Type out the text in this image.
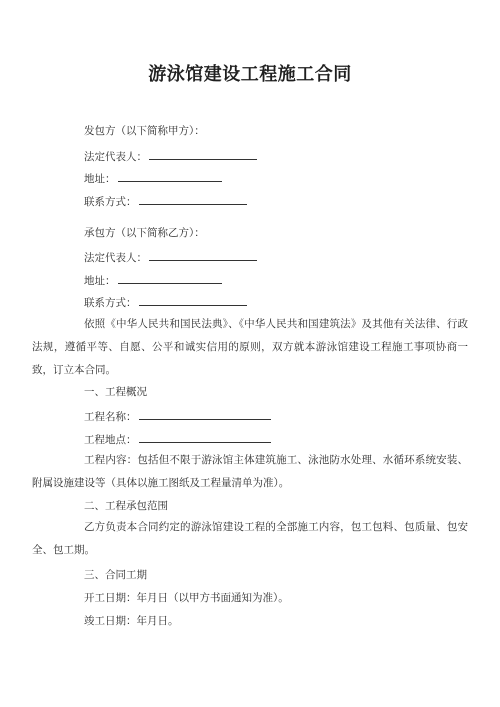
游泳馆建设工程施工合同
发包方（以下简称甲方）：
法定代表人：
地址：
联系方式：
承包方（以下简称乙方）：
法定代表人：
地址：
联系方式：
依照《中华人民共和国民法典》、《中华人民共和国建筑法》及其他有关法律、行政法规，遵循平等、自愿、公平和诚实信用的原则，双方就本游泳馆建设工程施工事项协商一致，订立本合同。
一、工程概况
工程名称：
工程地点：
工程内容：包括但不限于游泳馆主体建筑施工、泳池防水处理、水循环系统安装、附属设施建设等（具体以施工图纸及工程量清单为准）。
二、工程承包范围
乙方负责本合同约定的游泳馆建设工程的全部施工内容，包工包料、包质量、包安全、包工期。
三、合同工期
开工日期：年月日（以甲方书面通知为准）。
竣工日期：年月日。
